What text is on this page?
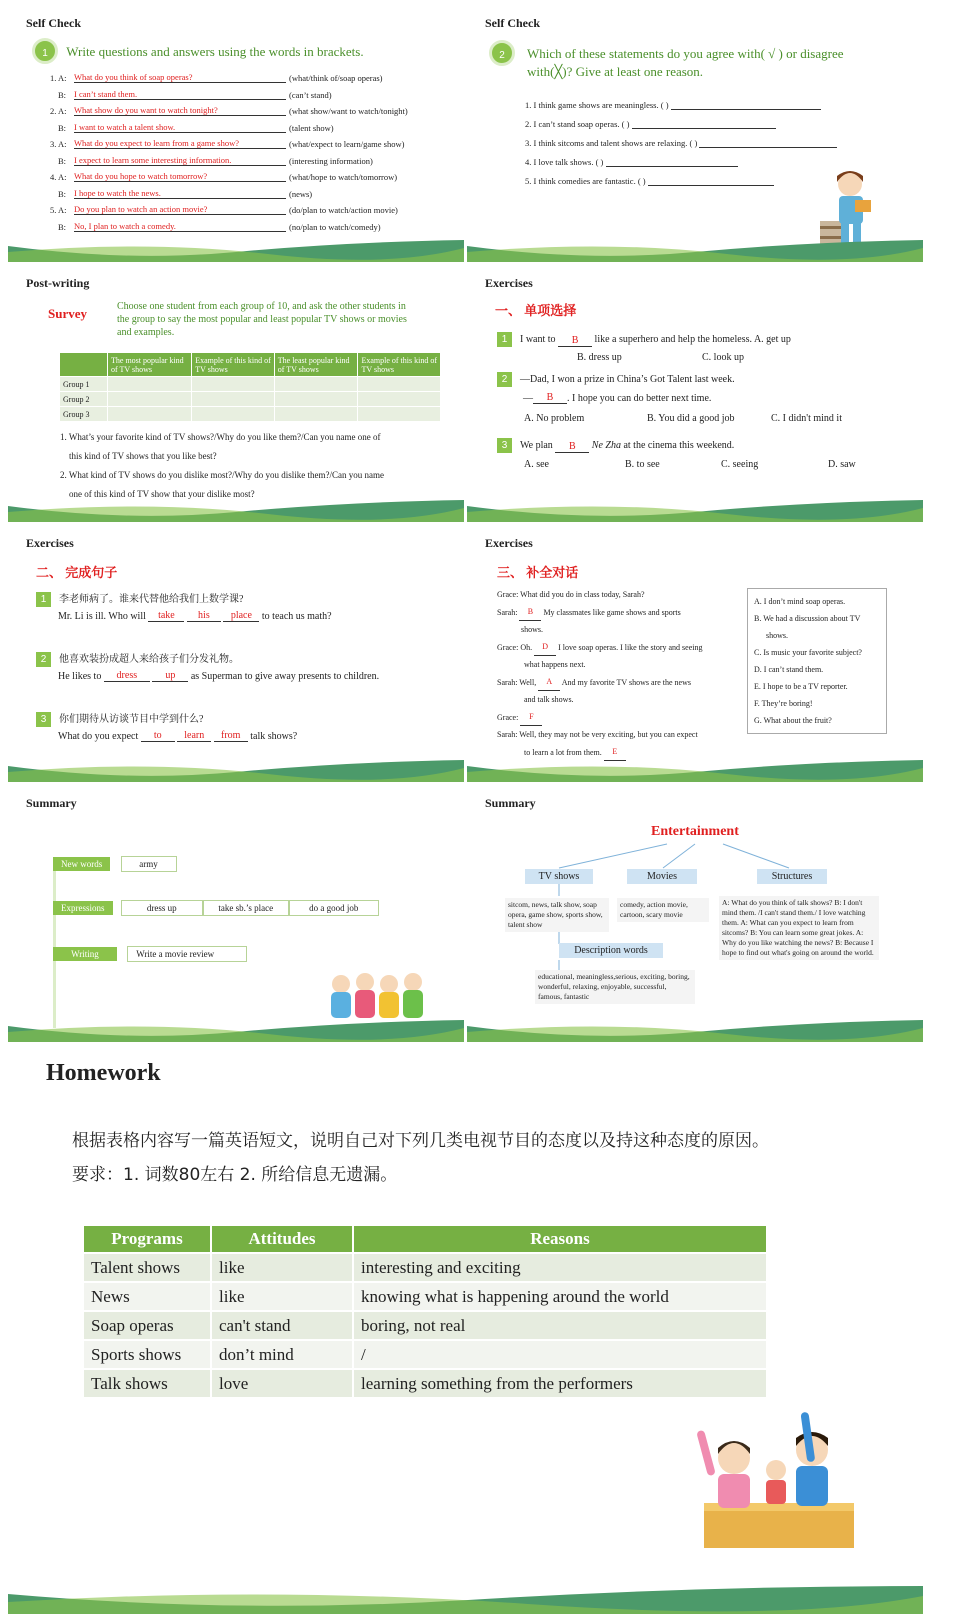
Self Check
1 Write questions and answers using the words in brackets.
1. A: What do you think of soap operas?	(what/think of/soap operas)
B: I can’t stand them.	(can’t stand)
2. A: What show do you want to watch tonight?	(what show/want to watch/tonight)
B: I want to watch a talent show.	(talent show)
3. A: What do you expect to learn from a game show?	(what/expect to learn/game show)
B: I expect to learn some interesting information.	(interesting information)
4. A: What do you hope to watch tomorrow?	(what/hope to watch/tomorrow)
B: I hope to watch the news.	(news)
5. A: Do you plan to watch an action movie?	(do/plan to watch/action movie)
B: No, I plan to watch a comedy.	(no/plan to watch/comedy)
Self Check
2	Which of these statements do you agree with( √ ) or disagree
with(╳)? Give at least one reason.
1. I think game shows are meaningless. ( )
2. I can’t stand soap operas. ( )
3. I think sitcoms and talent shows are relaxing. ( )
4. I love talk shows. ( )
5. I think comedies are fantastic. ( )
Post-writing
Survey	Choose one student from each group of 10, and ask the other students in the group to say the most popular and least popular TV shows or movies and examples.
	The most popular kind of TV shows	Example of this kind of TV shows	The least popular kind of TV shows	Example of this kind of TV shows
Group 1				
Group 2				
Group 3				
1. What’s your favorite kind of TV shows?/Why do you like them?/Can you name one of
this kind of TV shows that you like best?
2. What kind of TV shows do you dislike most?/Why do you dislike them?/Can you name
one of this kind of TV show that your dislike most?
Exercises
一、 单项选择
1 I want to B like a superhero and help the homeless. A. get up
B. dress up	C. look up
2 —Dad, I won a prize in China’s Got Talent last week.
— B . I hope you can do better next time.
A. No problem	B. You did a good job	C. I didn't mind it
3 We plan B Ne Zha at the cinema this weekend.
A. see	B. to see	C. seeing	D. saw
Exercises
二、 完成句子
1 李老师病了。谁来代替他给我们上数学课?
Mr. Li is ill. Who will take his place to teach us math?
2 他喜欢装扮成超人来给孩子们分发礼物。
He likes to dress	up as Superman to give away presents to children.
3 你们期待从访谈节目中学到什么?
What do you expect to learn from talk shows?
Exercises
三、 补全对话
Grace: What did you do in class today, Sarah?
Sarah: B My classmates like game shows and sports
shows.
Grace: Oh. D I love soap operas. I like the story and seeing
what happens next.
Sarah: Well, A And my favorite TV shows are the news
and talk shows.
Grace: F
Sarah: Well, they may not be very exciting, but you can expect
to learn a lot from them. E
A. I don’t mind soap operas.
B. We had a discussion about TV
shows.
C. Is music your favorite subject?
D. I can’t stand them.
E. I hope to be a TV reporter.
F. They’re boring!
G. What about the fruit?
Summary
New words	army
Expressions	dress up	take sb.’s place	do a good job
Writing	Write a movie review
Summary
Entertainment
TV shows	Movies	Structures
sitcom, news, talk show, soap opera, game show, sports show, talent show
comedy, action movie, cartoon, scary movie
A: What do you think of talk shows? B: I don't mind them. /I can't stand them./ I love watching them. A: What can you expect to learn from sitcoms? B: You can learn some great jokes. A: Why do you like watching the news? B: Because I hope to find out what's going on around the world.
Description words
educational, meaningless,serious, exciting, boring, wonderful, relaxing, enjoyable, successful, famous, fantastic
Homework
根据表格内容写一篇英语短文，说明自己对下列几类电视节目的态度以及持这种态度的原因。
要求：1. 词数80左右 2. 所给信息无遗漏。
Programs	Attitudes	Reasons
Talent shows	like	interesting and exciting
News	like	knowing what is happening around the world
Soap operas	can't stand	boring, not real
Sports shows	don’t mind	/
Talk shows	love	learning something from the performers
